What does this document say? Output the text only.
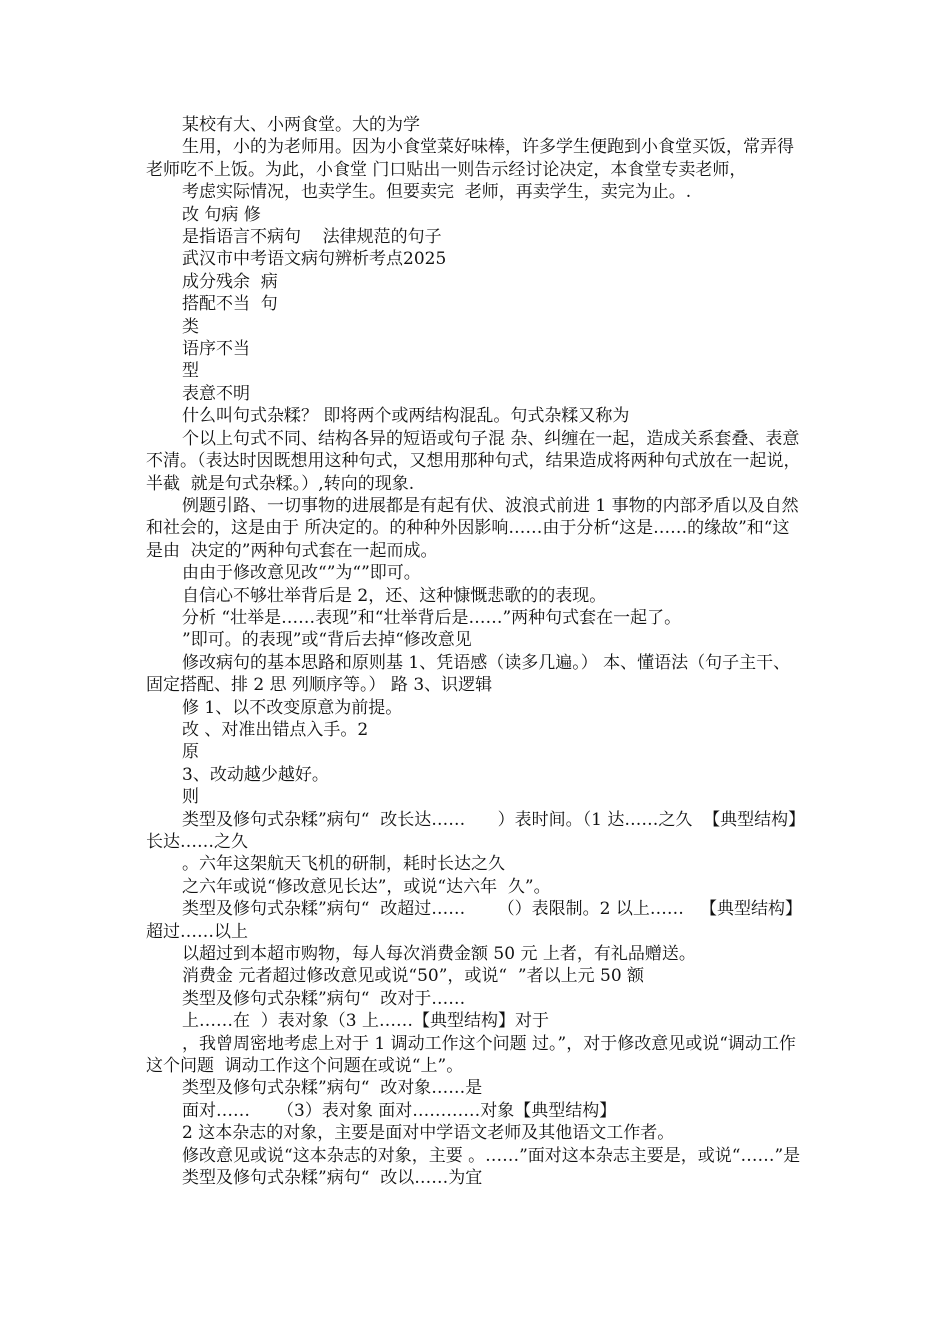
某校有大、小两食堂。大的为学

生用，小的为老师用。因为小食堂菜好味棒，许多学生便跑到小食堂买饭，常弄得老师吃不上饭。为此，小食堂 门口贴出一则告示经讨论决定，本食堂专卖老师，

考虑实际情况，也卖学生。但要卖完  老师，再卖学生，卖完为止。.

改 句病 修

是指语言不病句    法律规范的句子

武汉市中考语文病句辨析考点2025

成分残余  病

搭配不当  句

类

语序不当

型

表意不明

什么叫句式杂糅？ 即将两个或两结构混乱。句式杂糅又称为

个以上句式不同、结构各异的短语或句子混 杂、纠缠在一起，造成关系套叠、表意不清。（表达时因既想用这种句式，又想用那种句式，结果造成将两种句式放在一起说，半截  就是句式杂糅。）,转向的现象.

例题引路、一切事物的进展都是有起有伏、波浪式前进 1 事物的内部矛盾以及自然和社会的，这是由于 所决定的。的种种外因影响……由于分析“这是……的缘故”和“这是由  决定的”两种句式套在一起而成。

由由于修改意见改“”为“”即可。

自信心不够壮举背后是 2，还、这种慷慨悲歌的的表现。

分析 “壮举是……表现”和“壮举背后是……”两种句式套在一起了。

”即可。的表现”或“背后去掉“修改意见

修改病句的基本思路和原则基 1、凭语感（读多几遍。） 本、懂语法（句子主干、固定搭配、排 2 思 列顺序等。） 路 3、识逻辑

修 1、以不改变原意为前提。

改 、对准出错点入手。2

原

3、改动越少越好。

则

类型及修句式杂糅”病句“  改长达……      ）表时间。（1 达……之久  【典型结构】长达……之久

。六年这架航天飞机的研制，耗时长达之久

之六年或说“修改意见长达”，或说“达六年  久”。

类型及修句式杂糅”病句“  改超过……      （）表限制。2 以上……   【典型结构】超过……以上

以超过到本超市购物，每人每次消费金额 50 元 上者，有礼品赠送。

消费金 元者超过修改意见或说“50”，或说“  ”者以上元 50 额

类型及修句式杂糅”病句“  改对于……

上……在  ）表对象（3 上……【典型结构】对于

，我曾周密地考虑上对于 1 调动工作这个问题 过。”，对于修改意见或说“调动工作这个问题  调动工作这个问题在或说“上”。

类型及修句式杂糅”病句“  改对象……是

面对……     （3）表对象 面对…………对象【典型结构】

2 这本杂志的对象，主要是面对中学语文老师及其他语文工作者。

修改意见或说“这本杂志的对象，主要 。……”面对这本杂志主要是，或说“……”是

类型及修句式杂糅”病句“  改以……为宜
